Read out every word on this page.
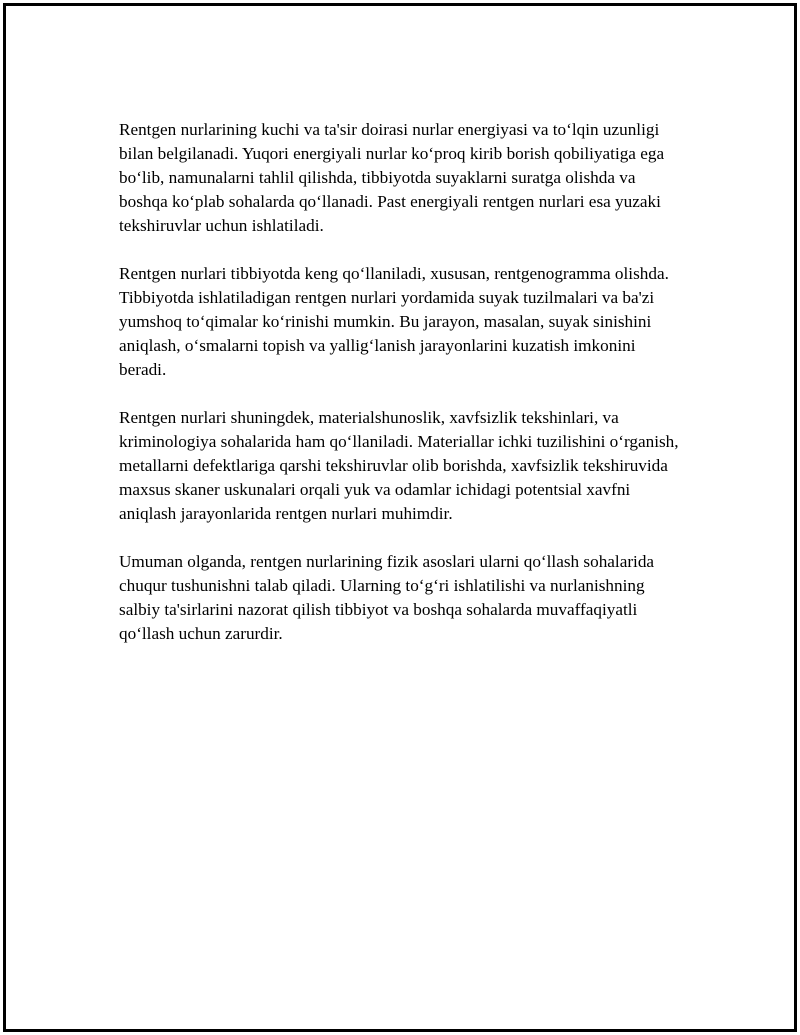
Rentgen nurlarining kuchi va ta'sir doirasi nurlar energiyasi va to‘lqin uzunligi bilan belgilanadi. Yuqori energiyali nurlar ko‘proq kirib borish qobiliyatiga ega bo‘lib, namunalarni tahlil qilishda, tibbiyotda suyaklarni suratga olishda va boshqa ko‘plab sohalarda qo‘llanadi. Past energiyali rentgen nurlari esa yuzaki tekshiruvlar uchun ishlatiladi.

Rentgen nurlari tibbiyotda keng qo‘llaniladi, xususan, rentgenogramma olishda. Tibbiyotda ishlatiladigan rentgen nurlari yordamida suyak tuzilmalari va ba'zi yumshoq to‘qimalar ko‘rinishi mumkin. Bu jarayon, masalan, suyak sinishini aniqlash, o‘smalarni topish va yallig‘lanish jarayonlarini kuzatish imkonini beradi.

Rentgen nurlari shuningdek, materialshunoslik, xavfsizlik tekshinlari, va kriminologiya sohalarida ham qo‘llaniladi. Materiallar ichki tuzilishini o‘rganish, metallarni defektlariga qarshi tekshiruvlar olib borishda, xavfsizlik tekshiruvida maxsus skaner uskunalari orqali yuk va odamlar ichidagi potentsial xavfni aniqlash jarayonlarida rentgen nurlari muhimdir.

Umuman olganda, rentgen nurlarining fizik asoslari ularni qo‘llash sohalarida chuqur tushunishni talab qiladi. Ularning to‘g‘ri ishlatilishi va nurlanishning salbiy ta'sirlarini nazorat qilish tibbiyot va boshqa sohalarda muvaffaqiyatli qo‘llash uchun zarurdir.
